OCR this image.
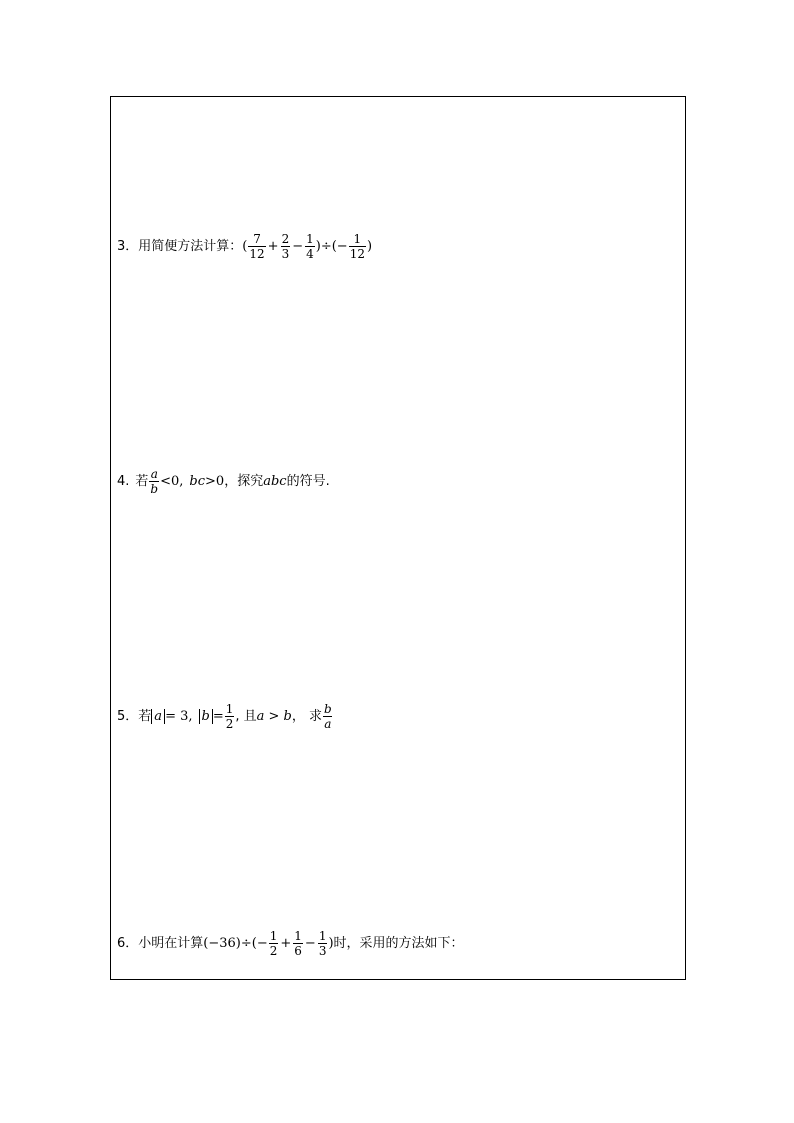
3． 用简便方法计算： ( $\frac{7}{12} + \frac{2}{3} - \frac{1}{4}$ )÷(− $\frac{1}{12}$ )
4. 若 $\frac{a}{b} <0$, bc >0 ，探究 abc 的符号.
5． 若 a = 3, $b = \frac{1}{2}$ , 且 a > b ， 求 $\frac{b}{a}$
6． 小明在计算 $(-36)\div(- \frac{1}{2} + \frac{1}{6} - \frac{1}{3}$ ) 时，采用的方法如下：
